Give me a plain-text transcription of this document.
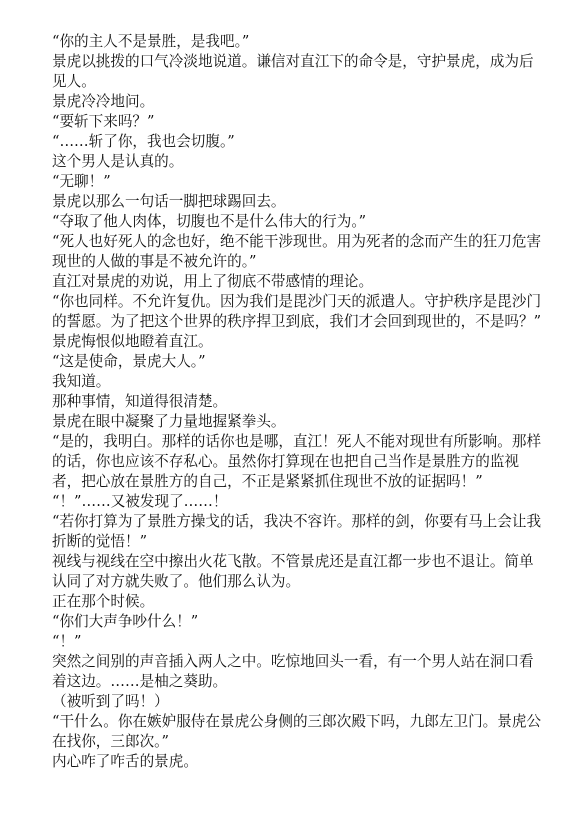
“你的主人不是景胜，是我吧。”

景虎以挑拨的口气冷淡地说道。谦信对直江下的命令是，守护景虎，成为后见人。

景虎冷冷地问。

“要斩下来吗？”

“……斩了你，我也会切腹。”

这个男人是认真的。

“无聊！”

景虎以那么一句话一脚把球踢回去。

“夺取了他人肉体，切腹也不是什么伟大的行为。”

“死人也好死人的念也好，绝不能干涉现世。用为死者的念而产生的狂刀危害现世的人做的事是不被允许的。”

直江对景虎的劝说，用上了彻底不带感情的理论。

“你也同样。不允许复仇。因为我们是毘沙门天的派遣人。守护秩序是毘沙门的誓愿。为了把这个世界的秩序捍卫到底，我们才会回到现世的，不是吗？”

景虎悔恨似地瞪着直江。

“这是使命，景虎大人。”

我知道。

那种事情，知道得很清楚。

景虎在眼中凝聚了力量地握紧拳头。

“是的，我明白。那样的话你也是哪，直江！死人不能对现世有所影响。那样的话，你也应该不存私心。虽然你打算现在也把自己当作是景胜方的监视者，把心放在景胜方的自己，不正是紧紧抓住现世不放的证据吗！”

“！”……又被发现了……！

“若你打算为了景胜方操戈的话，我决不容许。那样的剑，你要有马上会让我折断的觉悟！”

视线与视线在空中擦出火花飞散。不管景虎还是直江都一步也不退让。简单认同了对方就失败了。他们那么认为。

正在那个时候。

“你们大声争吵什么！”

“！”

突然之间别的声音插入两人之中。吃惊地回头一看，有一个男人站在洞口看着这边。……是柚之葵助。

（被听到了吗！）

“干什么。你在嫉妒服侍在景虎公身侧的三郎次殿下吗，九郎左卫门。景虎公在找你，三郎次。”

内心咋了咋舌的景虎。
